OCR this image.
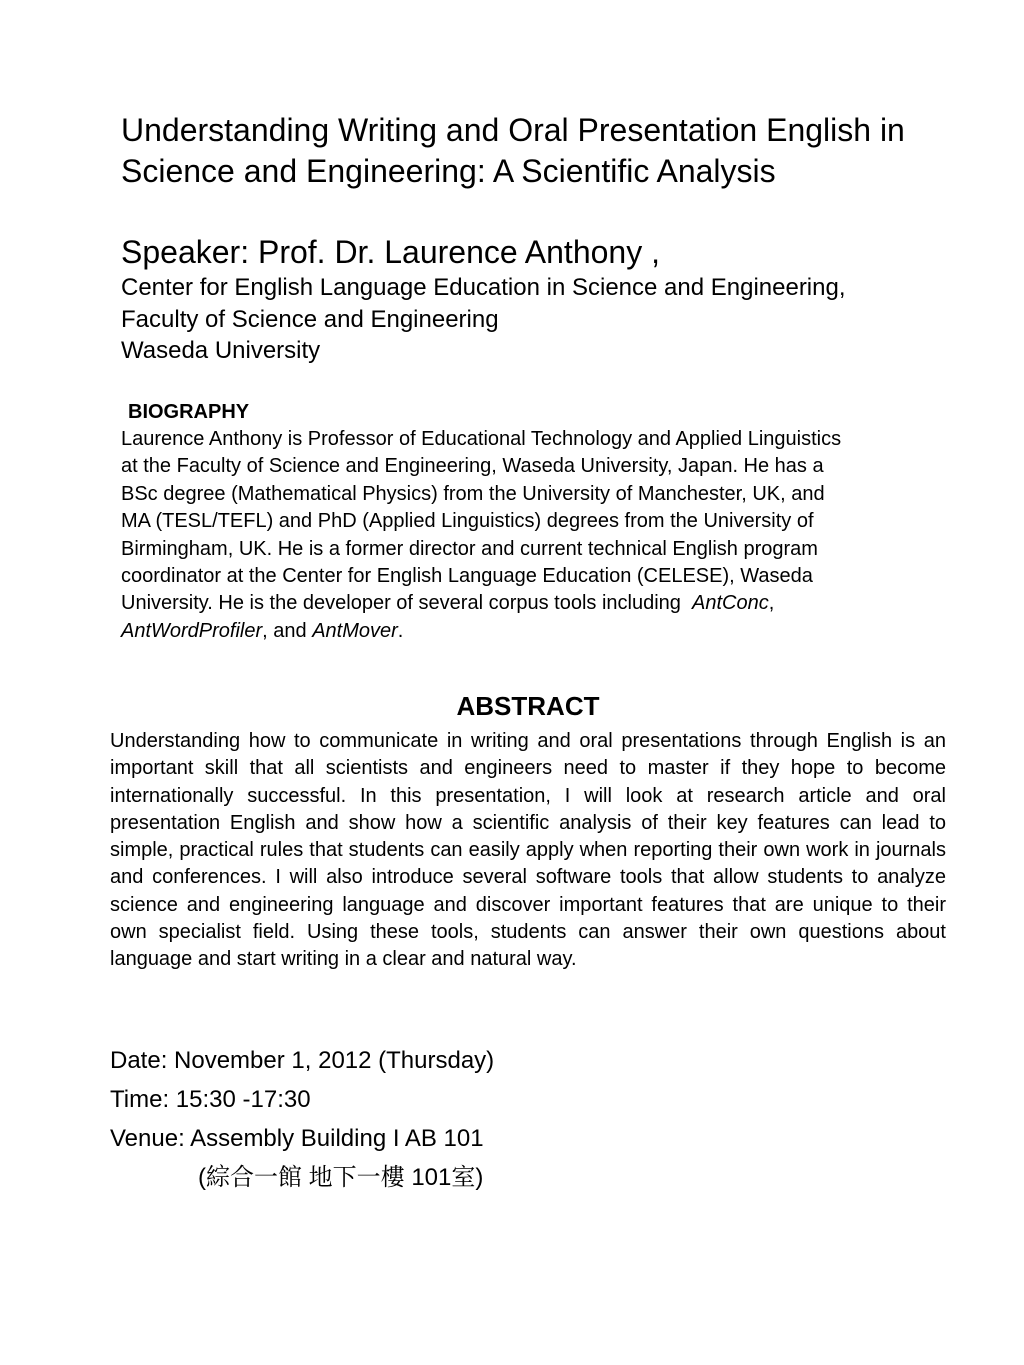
Understanding Writing and Oral Presentation English in
Science and Engineering: A Scientific Analysis

Speaker: Prof. Dr. Laurence Anthony ,

Center for English Language Education in Science and Engineering,

Faculty of Science and Engineering

Waseda University

BIOGRAPHY

Laurence Anthony is Professor of Educational Technology and Applied Linguistics
at the Faculty of Science and Engineering, Waseda University, Japan. He has a
BSc degree (Mathematical Physics) from the University of Manchester, UK, and
MA (TESL/TEFL) and PhD (Applied Linguistics) degrees from the University of
Birmingham, UK. He is a former director and current technical English program
coordinator at the Center for English Language Education (CELESE), Waseda
University. He is the developer of several corpus tools including AntConc,
AntWordProfiler, and AntMover.

ABSTRACT

Understanding how to communicate in writing and oral presentations through English is an important skill that all scientists and engineers need to master if they hope to become internationally successful. In this presentation, I will look at research article and oral presentation English and show how a scientific analysis of their key features can lead to simple, practical rules that students can easily apply when reporting their own work in journals and conferences. I will also introduce several software tools that allow students to analyze science and engineering language and discover important features that are unique to their own specialist field. Using these tools, students can answer their own questions about language and start writing in a clear and natural way.

Date: November 1, 2012 (Thursday)
Time: 15:30 -17:30
Venue: Assembly Building I AB 101

(綜合一館 地下一樓 101室)
